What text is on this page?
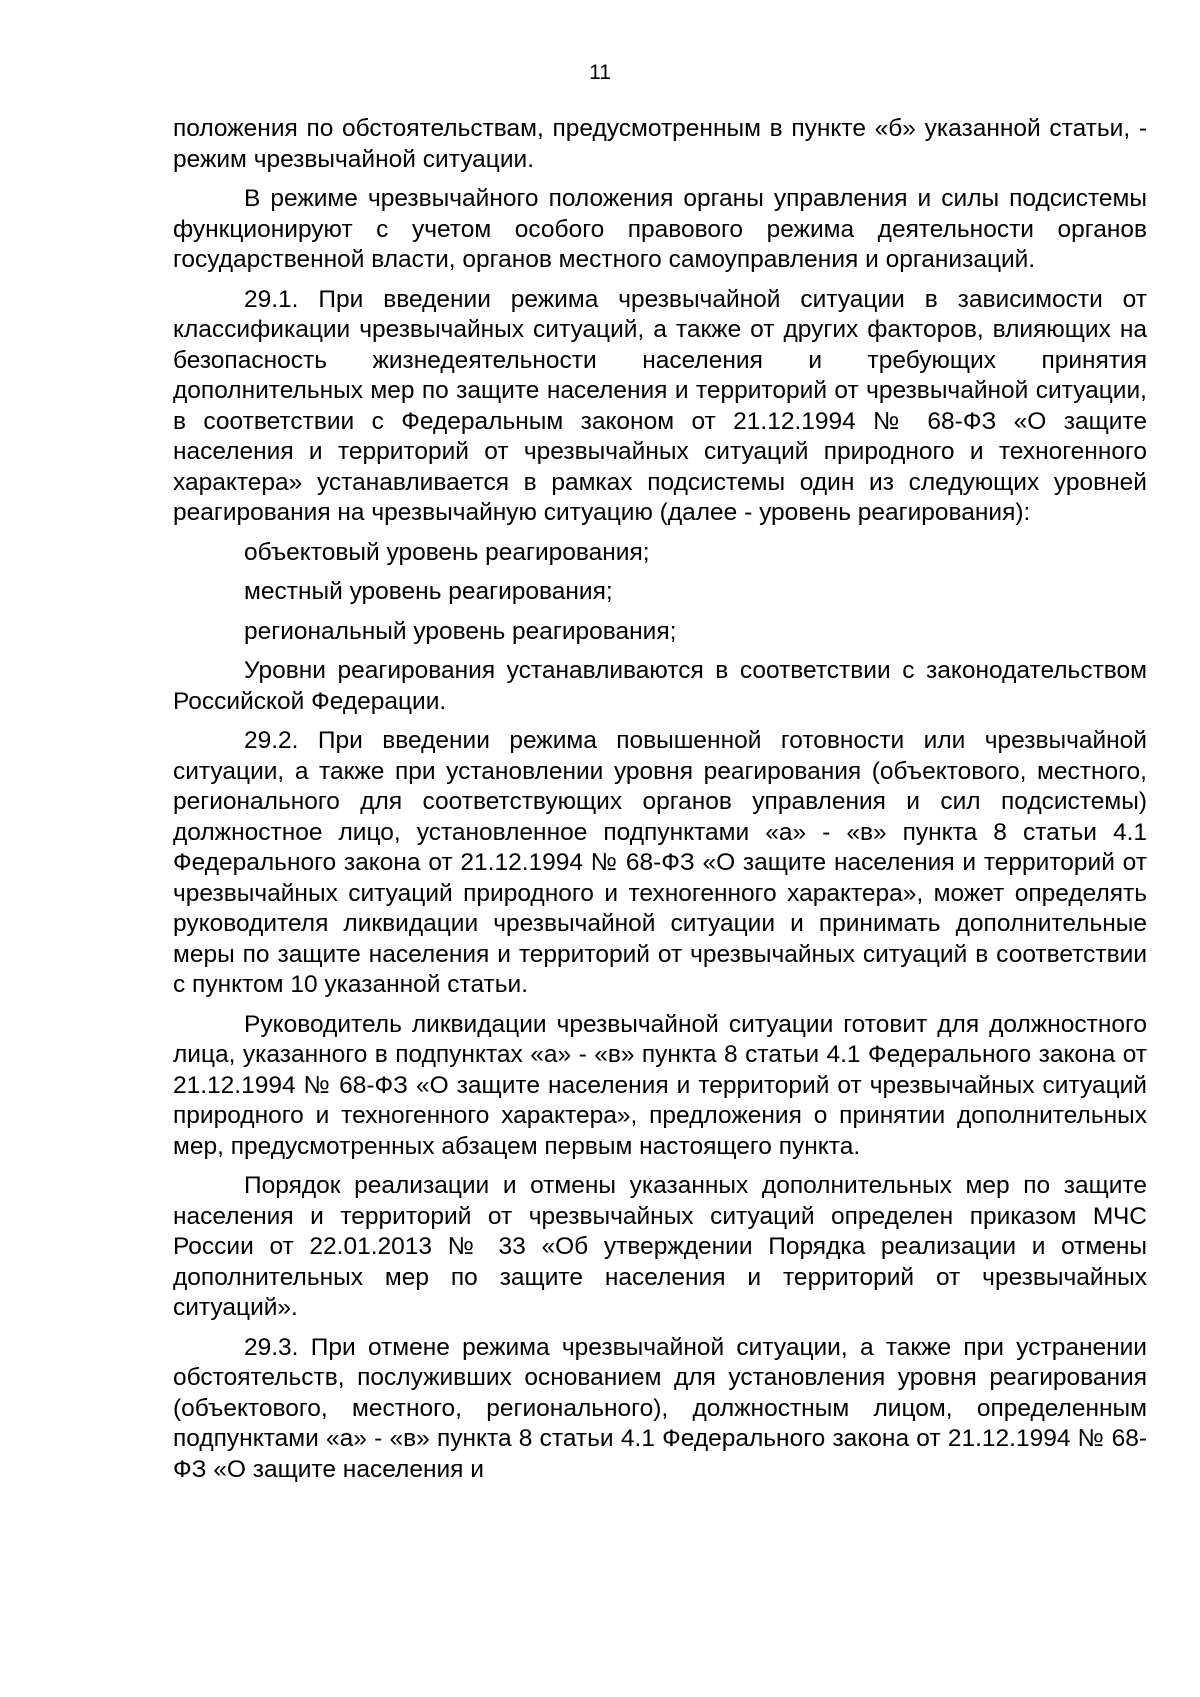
11

положения по обстоятельствам, предусмотренным в пункте «б» указанной статьи, - режим чрезвычайной ситуации.

В режиме чрезвычайного положения органы управления и силы подсистемы функционируют с учетом особого правового режима деятельности органов государственной власти, органов местного самоуправления и организаций.

29.1. При введении режима чрезвычайной ситуации в зависимости от классификации чрезвычайных ситуаций, а также от других факторов, влияющих на безопасность жизнедеятельности населения и требующих принятия дополнительных мер по защите населения и территорий от чрезвычайной ситуации, в соответствии с Федеральным законом от 21.12.1994 № 68-ФЗ «О защите населения и территорий от чрезвычайных ситуаций природного и техногенного характера» устанавливается в рамках подсистемы один из следующих уровней реагирования на чрезвычайную ситуацию (далее - уровень реагирования):

объектовый уровень реагирования;

местный уровень реагирования;

региональный уровень реагирования;

Уровни реагирования устанавливаются в соответствии с законодательством Российской Федерации.

29.2. При введении режима повышенной готовности или чрезвычайной ситуации, а также при установлении уровня реагирования (объектового, местного, регионального для соответствующих органов управления и сил подсистемы) должностное лицо, установленное подпунктами «а» - «в» пункта 8 статьи 4.1 Федерального закона от 21.12.1994 № 68-ФЗ «О защите населения и территорий от чрезвычайных ситуаций природного и техногенного характера», может определять руководителя ликвидации чрезвычайной ситуации и принимать дополнительные меры по защите населения и территорий от чрезвычайных ситуаций в соответствии с пунктом 10 указанной статьи.

Руководитель ликвидации чрезвычайной ситуации готовит для должностного лица, указанного в подпунктах «а» - «в» пункта 8 статьи 4.1 Федерального закона от 21.12.1994 № 68-ФЗ «О защите населения и территорий от чрезвычайных ситуаций природного и техногенного характера», предложения о принятии дополнительных мер, предусмотренных абзацем первым настоящего пункта.

Порядок реализации и отмены указанных дополнительных мер по защите населения и территорий от чрезвычайных ситуаций определен приказом МЧС России от 22.01.2013 № 33 «Об утверждении Порядка реализации и отмены дополнительных мер по защите населения и территорий от чрезвычайных ситуаций».

29.3. При отмене режима чрезвычайной ситуации, а также при устранении обстоятельств, послуживших основанием для установления уровня реагирования (объектового, местного, регионального), должностным лицом, определенным подпунктами «а» - «в» пункта 8 статьи 4.1 Федерального закона от 21.12.1994 № 68-ФЗ «О защите населения и
